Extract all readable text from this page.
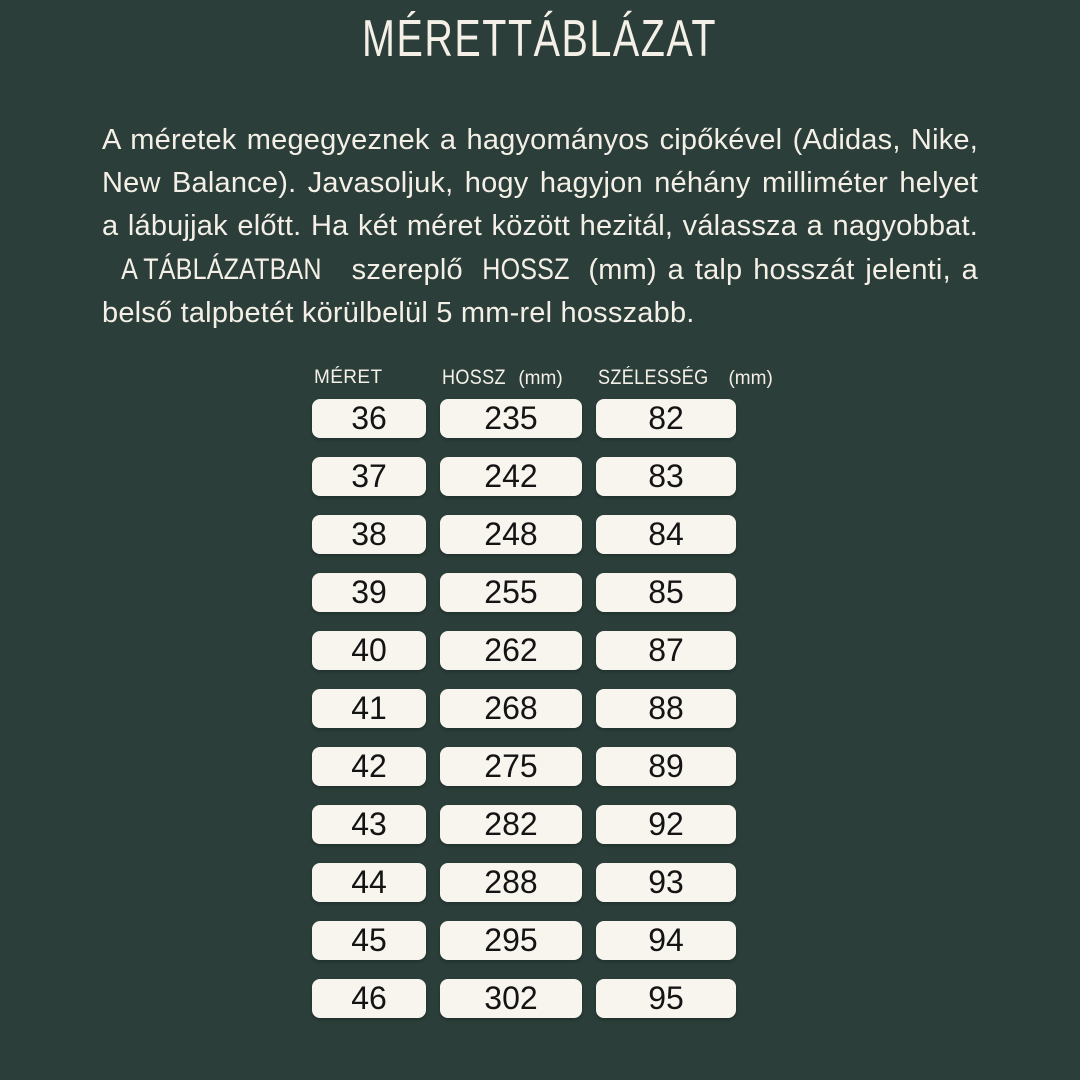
MÉRETTÁBLÁZAT

A méretek megegyeznek a hagyományos cipőkével (Adidas, Nike, New Balance). Javasoljuk, hogy hagyjon néhány milliméter helyet a lábujjak előtt. Ha két méret között hezitál, válassza a nagyobbat. A TÁBLÁZATBAN szereplő HOSSZ (mm) a talp hosszát jelenti, a belső talpbetét körülbelül 5 mm-rel hosszabb.

MÉRET	HOSSZ (mm)	SZÉLESSÉG (mm)
36	235	82
37	242	83
38	248	84
39	255	85
40	262	87
41	268	88
42	275	89
43	282	92
44	288	93
45	295	94
46	302	95
